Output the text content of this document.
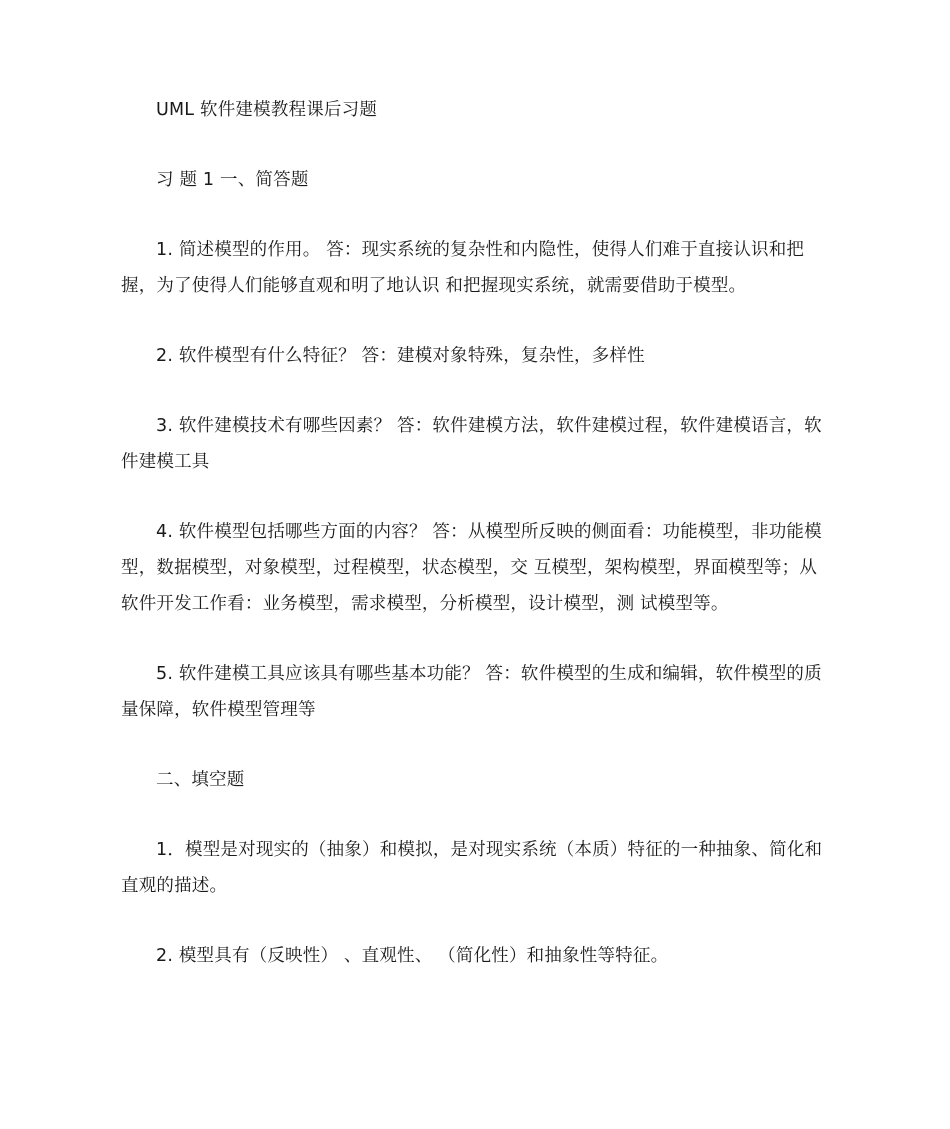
UML 软件建模教程课后习题

习 题 1 一、简答题

1. 简述模型的作用。 答：现实系统的复杂性和内隐性，使得人们难于直接认识和把握，为了使得人们能够直观和明了地认识 和把握现实系统，就需要借助于模型。

2. 软件模型有什么特征？ 答：建模对象特殊，复杂性，多样性

3. 软件建模技术有哪些因素？ 答：软件建模方法，软件建模过程，软件建模语言，软件建模工具

4. 软件模型包括哪些方面的内容？ 答：从模型所反映的侧面看：功能模型，非功能模型，数据模型，对象模型，过程模型，状态模型，交 互模型，架构模型，界面模型等；从软件开发工作看：业务模型，需求模型，分析模型，设计模型，测 试模型等。

5. 软件建模工具应该具有哪些基本功能？ 答：软件模型的生成和编辑，软件模型的质量保障，软件模型管理等

二、填空题

1．模型是对现实的（抽象）和模拟，是对现实系统（本质）特征的一种抽象、简化和直观的描述。

2. 模型具有（反映性） 、直观性、 （简化性）和抽象性等特征。
